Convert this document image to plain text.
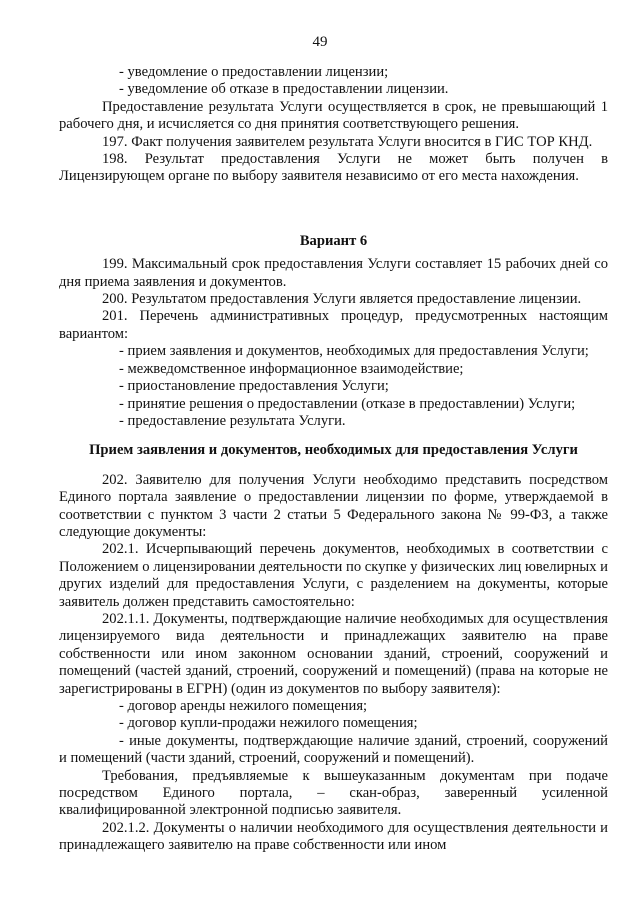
49

- уведомление о предоставлении лицензии;

- уведомление об отказе в предоставлении лицензии.

Предоставление результата Услуги осуществляется в срок, не превышающий 1 рабочего дня, и исчисляется со дня принятия соответствующего решения.

197. Факт получения заявителем результата Услуги вносится в ГИС ТОР КНД.

198. Результат предоставления Услуги не может быть получен в Лицензирующем органе по выбору заявителя независимо от его места нахождения.

Вариант 6

199. Максимальный срок предоставления Услуги составляет 15 рабочих дней со дня приема заявления и документов.

200. Результатом предоставления Услуги является предоставление лицензии.

201. Перечень административных процедур, предусмотренных настоящим вариантом:

- прием заявления и документов, необходимых для предоставления Услуги;

- межведомственное информационное взаимодействие;

- приостановление предоставления Услуги;

- принятие решения о предоставлении (отказе в предоставлении) Услуги;

- предоставление результата Услуги.

Прием заявления и документов, необходимых для предоставления Услуги

202. Заявителю для получения Услуги необходимо представить посредством Единого портала заявление о предоставлении лицензии по форме, утверждаемой в соответствии с пунктом 3 части 2 статьи 5 Федерального закона № 99-ФЗ, а также следующие документы:

202.1. Исчерпывающий перечень документов, необходимых в соответствии с Положением о лицензировании деятельности по скупке у физических лиц ювелирных и других изделий для предоставления Услуги, с разделением на документы, которые заявитель должен представить самостоятельно:

202.1.1. Документы, подтверждающие наличие необходимых для осуществления лицензируемого вида деятельности и принадлежащих заявителю на праве собственности или ином законном основании зданий, строений, сооружений и помещений (частей зданий, строений, сооружений и помещений) (права на которые не зарегистрированы в ЕГРН) (один из документов по выбору заявителя):

- договор аренды нежилого помещения;

- договор купли-продажи нежилого помещения;

- иные документы, подтверждающие наличие зданий, строений, сооружений и помещений (части зданий, строений, сооружений и помещений).

Требования, предъявляемые к вышеуказанным документам при подаче посредством Единого портала, – скан-образ, заверенный усиленной квалифицированной электронной подписью заявителя.

202.1.2. Документы о наличии необходимого для осуществления деятельности и принадлежащего заявителю на праве собственности или ином
